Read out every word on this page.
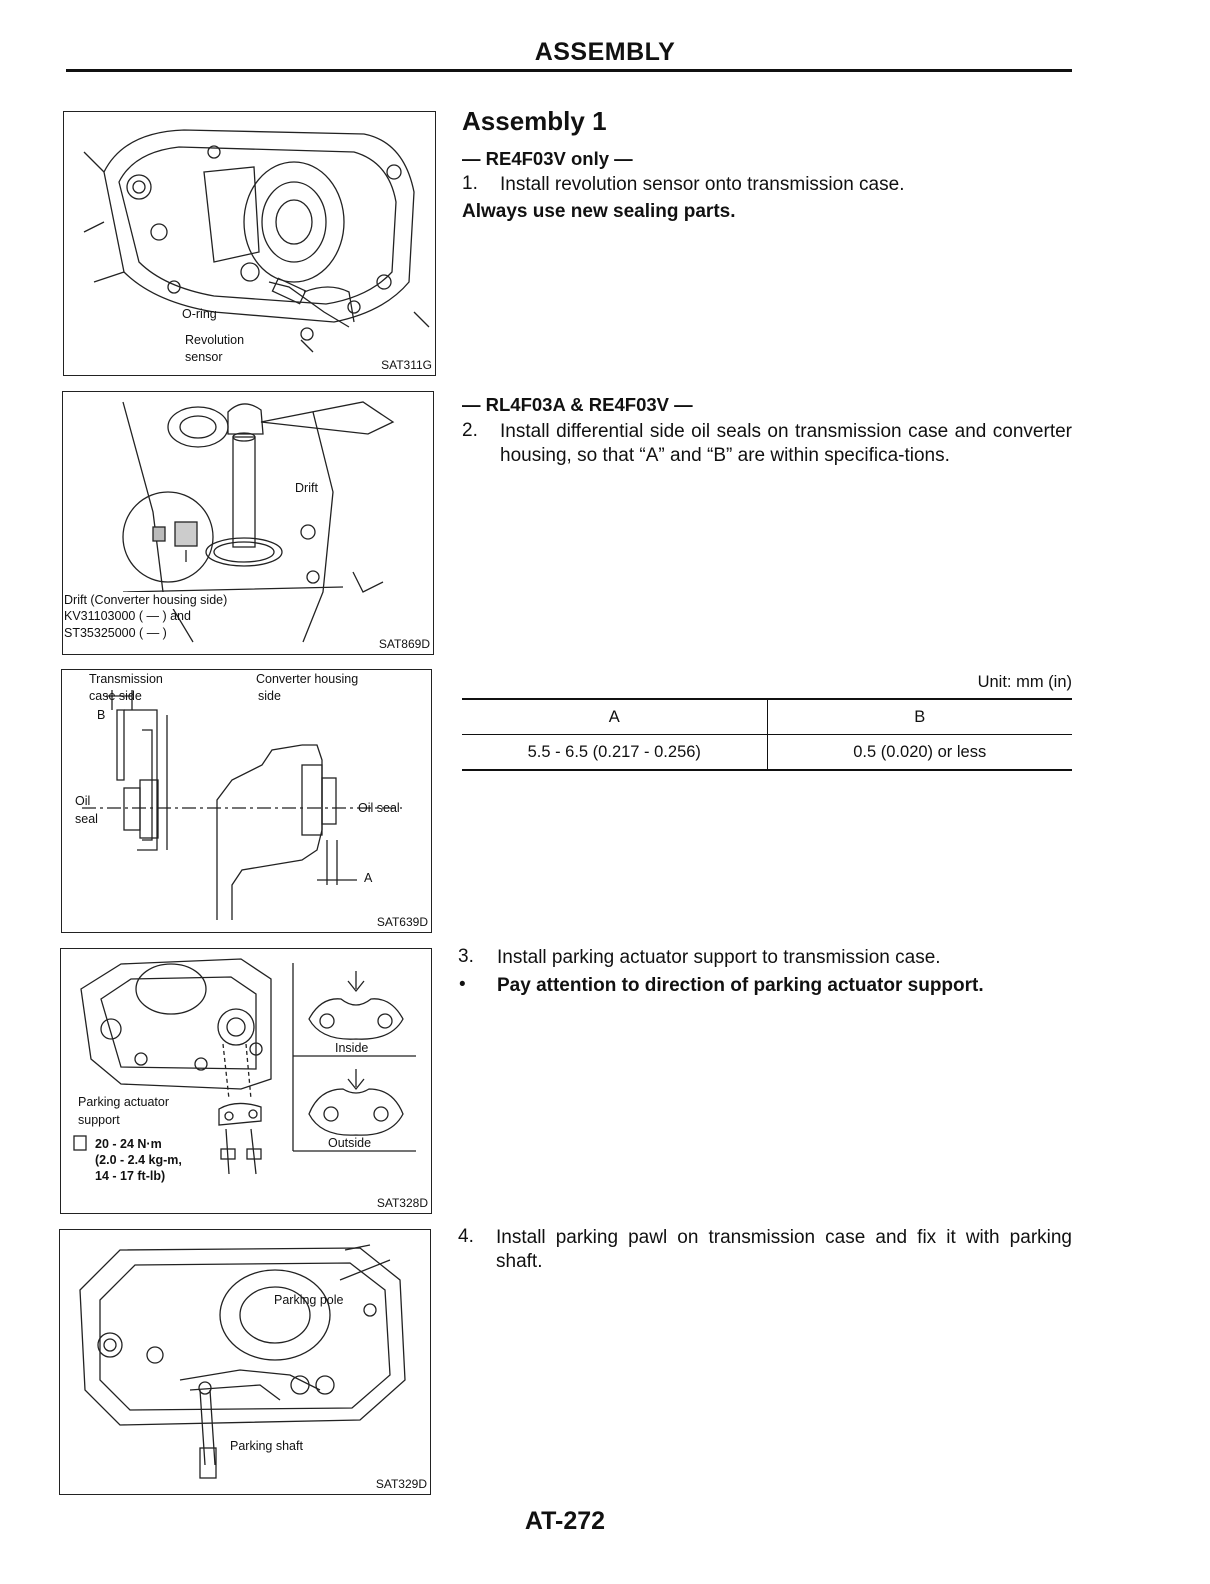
ASSEMBLY
O-ring
Revolution
sensor
SAT311G
Drift
Drift (Converter housing side)
KV31103000 ( — ) and
ST35325000 ( — )
SAT869D
Transmission
case side
Converter housing
side
B
Oil
seal
Oil seal
A
SAT639D
Inside
Outside
Parking actuator
support
20 - 24 N·m
(2.0 - 2.4 kg-m,
14 - 17 ft-lb)
SAT328D
Parking pole
Parking shaft
SAT329D
Assembly 1
— RE4F03V only —
1. Install revolution sensor onto transmission case.
Always use new sealing parts.
— RL4F03A & RE4F03V —
2. Install differential side oil seals on transmission case and converter housing, so that “A” and “B” are within specifica-tions.
Unit: mm (in)
A	B
5.5 - 6.5 (0.217 - 0.256)	0.5 (0.020) or less
3. Install parking actuator support to transmission case.
• Pay attention to direction of parking actuator support.
4. Install parking pawl on transmission case and fix it with parking shaft.
AT-272
